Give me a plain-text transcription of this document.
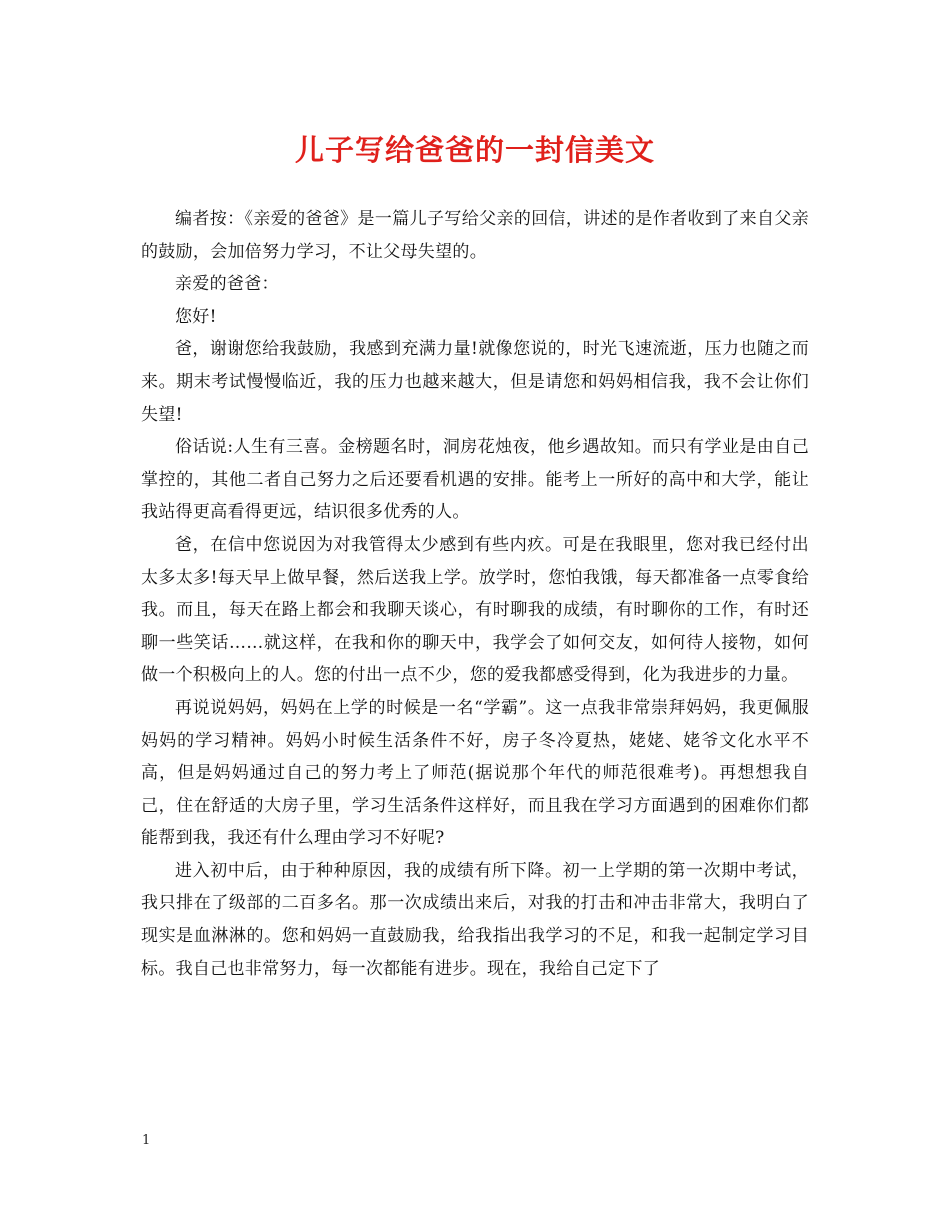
儿子写给爸爸的一封信美文

编者按：《亲爱的爸爸》是一篇儿子写给父亲的回信，讲述的是作者收到了来自父亲的鼓励，会加倍努力学习，不让父母失望的。

亲爱的爸爸：

您好!

爸，谢谢您给我鼓励，我感到充满力量!就像您说的，时光飞速流逝，压力也随之而来。期末考试慢慢临近，我的压力也越来越大，但是请您和妈妈相信我，我不会让你们失望!

俗话说:人生有三喜。金榜题名时，洞房花烛夜，他乡遇故知。而只有学业是由自己掌控的，其他二者自己努力之后还要看机遇的安排。能考上一所好的高中和大学，能让我站得更高看得更远，结识很多优秀的人。

爸，在信中您说因为对我管得太少感到有些内疚。可是在我眼里，您对我已经付出太多太多!每天早上做早餐，然后送我上学。放学时，您怕我饿，每天都准备一点零食给我。而且，每天在路上都会和我聊天谈心，有时聊我的成绩，有时聊你的工作，有时还聊一些笑话……就这样，在我和你的聊天中，我学会了如何交友，如何待人接物，如何做一个积极向上的人。您的付出一点不少，您的爱我都感受得到，化为我进步的力量。

再说说妈妈，妈妈在上学的时候是一名“学霸”。这一点我非常崇拜妈妈，我更佩服妈妈的学习精神。妈妈小时候生活条件不好，房子冬冷夏热，姥姥、姥爷文化水平不高，但是妈妈通过自己的努力考上了师范(据说那个年代的师范很难考)。再想想我自己，住在舒适的大房子里，学习生活条件这样好，而且我在学习方面遇到的困难你们都能帮到我，我还有什么理由学习不好呢?

进入初中后，由于种种原因，我的成绩有所下降。初一上学期的第一次期中考试，我只排在了级部的二百多名。那一次成绩出来后，对我的打击和冲击非常大，我明白了现实是血淋淋的。您和妈妈一直鼓励我，给我指出我学习的不足，和我一起制定学习目标。我自己也非常努力，每一次都能有进步。现在，我给自己定下了

1
